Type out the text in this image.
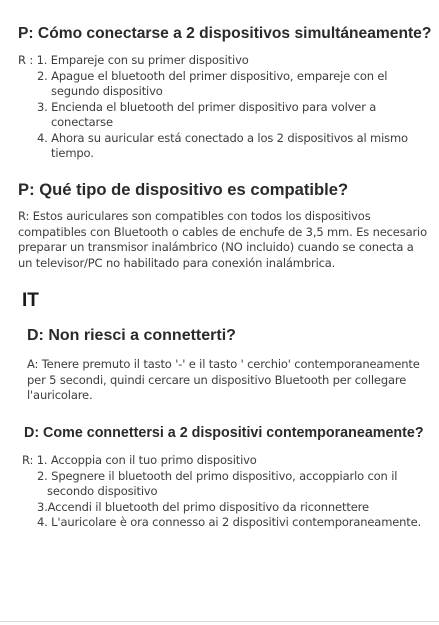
P: Cómo conectarse a 2 dispositivos simultáneamente?
R : 1. Empareje con su primer dispositivo
2. Apague el bluetooth del primer dispositivo, empareje con el
segundo dispositivo
3. Encienda el bluetooth del primer dispositivo para volver a
conectarse
4. Ahora su auricular está conectado a los 2 dispositivos al mismo
tiempo.
P: Qué tipo de dispositivo es compatible?
R: Estos auriculares son compatibles con todos los dispositivos
compatibles con Bluetooth o cables de enchufe de 3,5 mm. Es necesario
preparar un transmisor inalámbrico (NO incluido) cuando se conecta a
un televisor/PC no habilitado para conexión inalámbrica.
IT
D: Non riesci a connetterti?
A: Tenere premuto il tasto '-' e il tasto ' cerchio' contemporaneamente
per 5 secondi, quindi cercare un dispositivo Bluetooth per collegare
l'auricolare.
D: Come connettersi a 2 dispositivi contemporaneamente?
R: 1. Accoppia con il tuo primo dispositivo
2. Spegnere il bluetooth del primo dispositivo, accoppiarlo con il
secondo dispositivo
3.Accendi il bluetooth del primo dispositivo da riconnettere
4. L'auricolare è ora connesso ai 2 dispositivi contemporaneamente.
